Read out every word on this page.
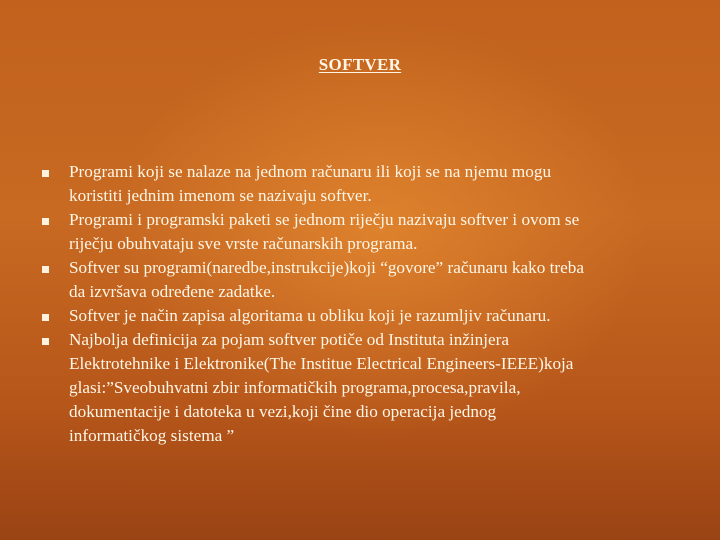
SOFTVER
Programi koji se nalaze na jednom računaru ili koji se na njemu mogu
koristiti jednim imenom se nazivaju softver.
Programi i programski paketi se jednom riječju nazivaju softver i ovom se
riječju obuhvataju sve vrste računarskih programa.
Softver su programi(naredbe,instrukcije)koji “govore” računaru kako treba
da izvršava određene zadatke.
Softver je način zapisa algoritama u obliku koji je razumljiv računaru.
Najbolja definicija za pojam softver potiče od Instituta inžinjera
Elektrotehnike i Elektronike(The Institue Electrical Engineers-IEEE)koja
glasi:”Sveobuhvatni zbir informatičkih programa,procesa,pravila,
dokumentacije i datoteka u vezi,koji čine dio operacija jednog
informatičkog sistema ”
